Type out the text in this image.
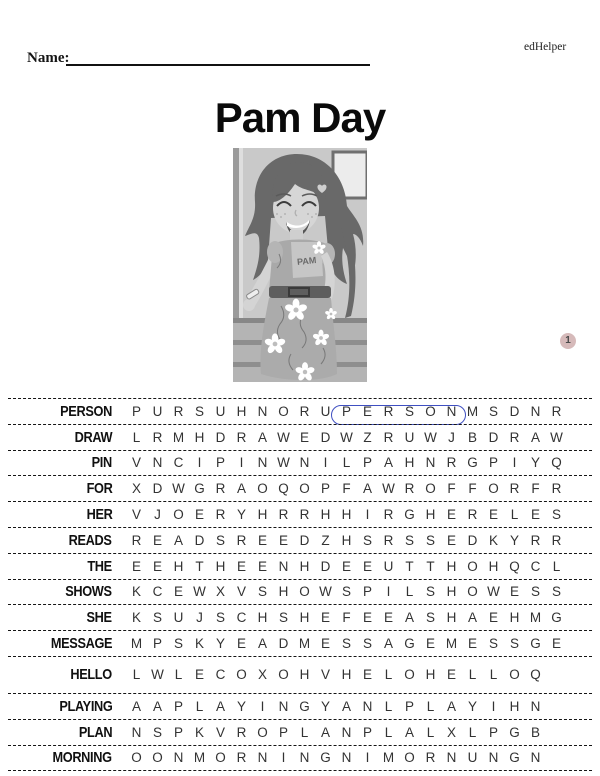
edHelper
Name:
Pam Day
PAM
1
PERSON	P U R S U H N O R U P E R S O N M S D N R
DRAW	L R M H D R A W E D W Z R U W J B D R A W
PIN	V N C	I	P	I	N W N	I	L P A H N R G P	I	Y Q
FOR	X D W G R A O Q O P F A W R O F F O R F R
HER	V J O E R Y H R R H H	I	R G H E R E L E S
READS	R E A D S R E E D Z H S R S S E D K Y R R
THE	E E H T H E E N H D E E U T T H O H Q C L
SHOWS	K C E W X V S H O W S P	I	L S H O W E S S
SHE	K S U J S C H S H E F E E A S H A E H M G
MESSAGE	M P S K Y E A D M E S S A G E M E S S G E
HELLO	L W L E C O X O H V H E L O H E L L O Q
PLAYING	A A P L A Y	I	N G Y A N L P L A Y	I	H N
PLAN	N S P K V R O P L A N P L A L X L P G B
MORNING	O O N M O R N	I	N G N	I	M O R N U N G N
